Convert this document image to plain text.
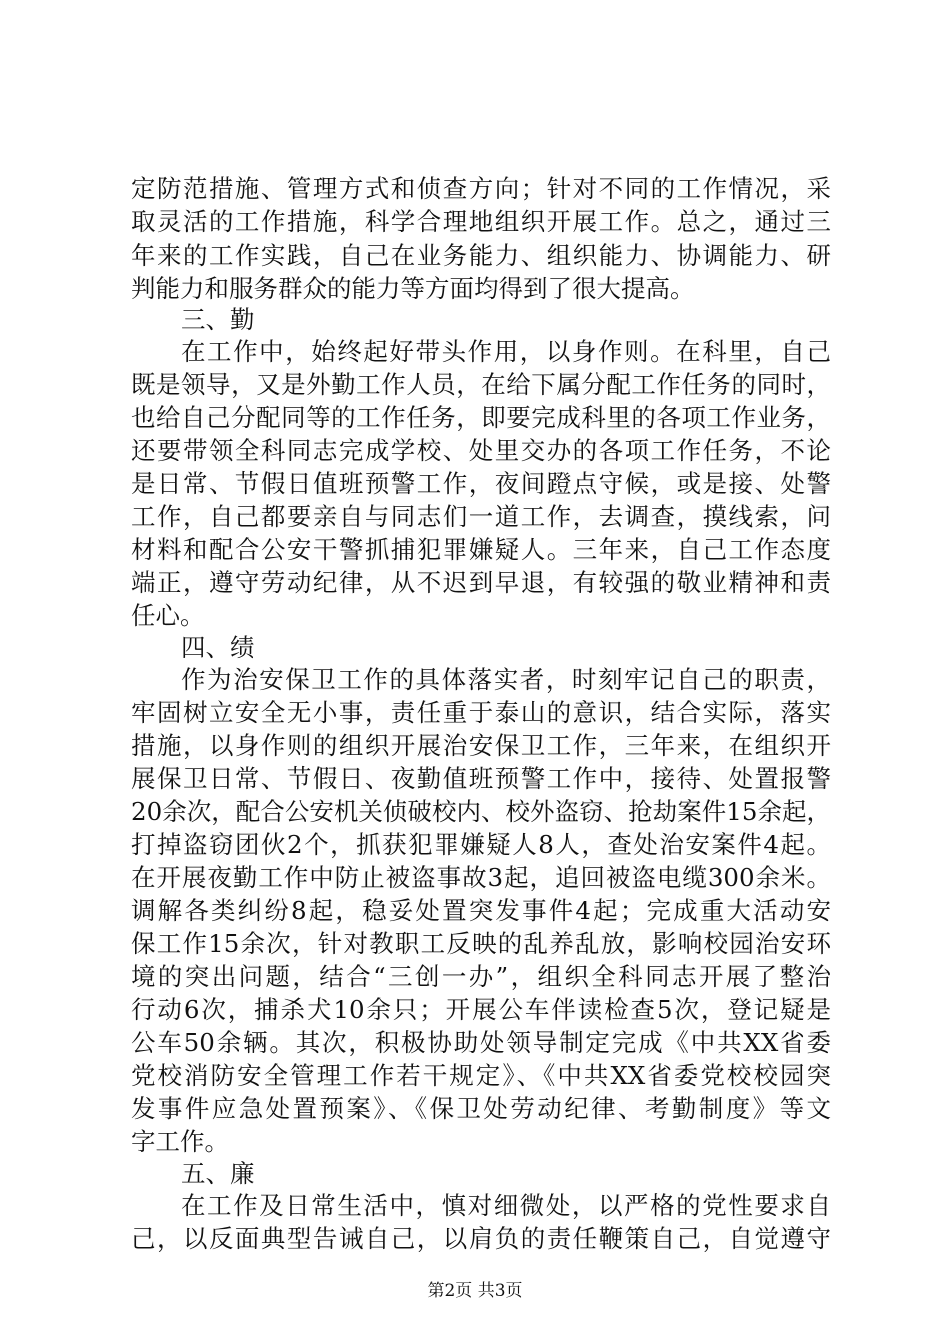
定防范措施、管理方式和侦查方向；针对不同的工作情况，采
取灵活的工作措施，科学合理地组织开展工作。总之，通过三
年来的工作实践，自己在业务能力、组织能力、协调能力、研
判能力和服务群众的能力等方面均得到了很大提高。
三、勤
在工作中，始终起好带头作用，以身作则。在科里，自己
既是领导，又是外勤工作人员，在给下属分配工作任务的同时，
也给自己分配同等的工作任务，即要完成科里的各项工作业务，
还要带领全科同志完成学校、处里交办的各项工作任务，不论
是日常、节假日值班预警工作，夜间蹬点守候，或是接、处警
工作，自己都要亲自与同志们一道工作，去调查，摸线索，问
材料和配合公安干警抓捕犯罪嫌疑人。三年来，自己工作态度
端正，遵守劳动纪律，从不迟到早退，有较强的敬业精神和责
任心。
四、绩
作为治安保卫工作的具体落实者，时刻牢记自己的职责，
牢固树立安全无小事，责任重于泰山的意识，结合实际，落实
措施，以身作则的组织开展治安保卫工作，三年来，在组织开
展保卫日常、节假日、夜勤值班预警工作中，接待、处置报警
20余次，配合公安机关侦破校内、校外盗窃、抢劫案件15余起，
打掉盗窃团伙2个，抓获犯罪嫌疑人8人，查处治安案件4起。
在开展夜勤工作中防止被盗事故3起，追回被盗电缆300余米。
调解各类纠纷8起，稳妥处置突发事件4起；完成重大活动安
保工作15余次，针对教职工反映的乱养乱放，影响校园治安环
境的突出问题，结合“三创一办”，组织全科同志开展了整治
行动6次，捕杀犬10余只；开展公车伴读检查5次，登记疑是
公车50余辆。其次，积极协助处领导制定完成《中共XX省委
党校消防安全管理工作若干规定》、《中共XX省委党校校园突
发事件应急处置预案》、《保卫处劳动纪律、考勤制度》等文
字工作。
五、廉
在工作及日常生活中，慎对细微处，以严格的党性要求自
己，以反面典型告诫自己，以肩负的责任鞭策自己，自觉遵守
第2页 共3页
